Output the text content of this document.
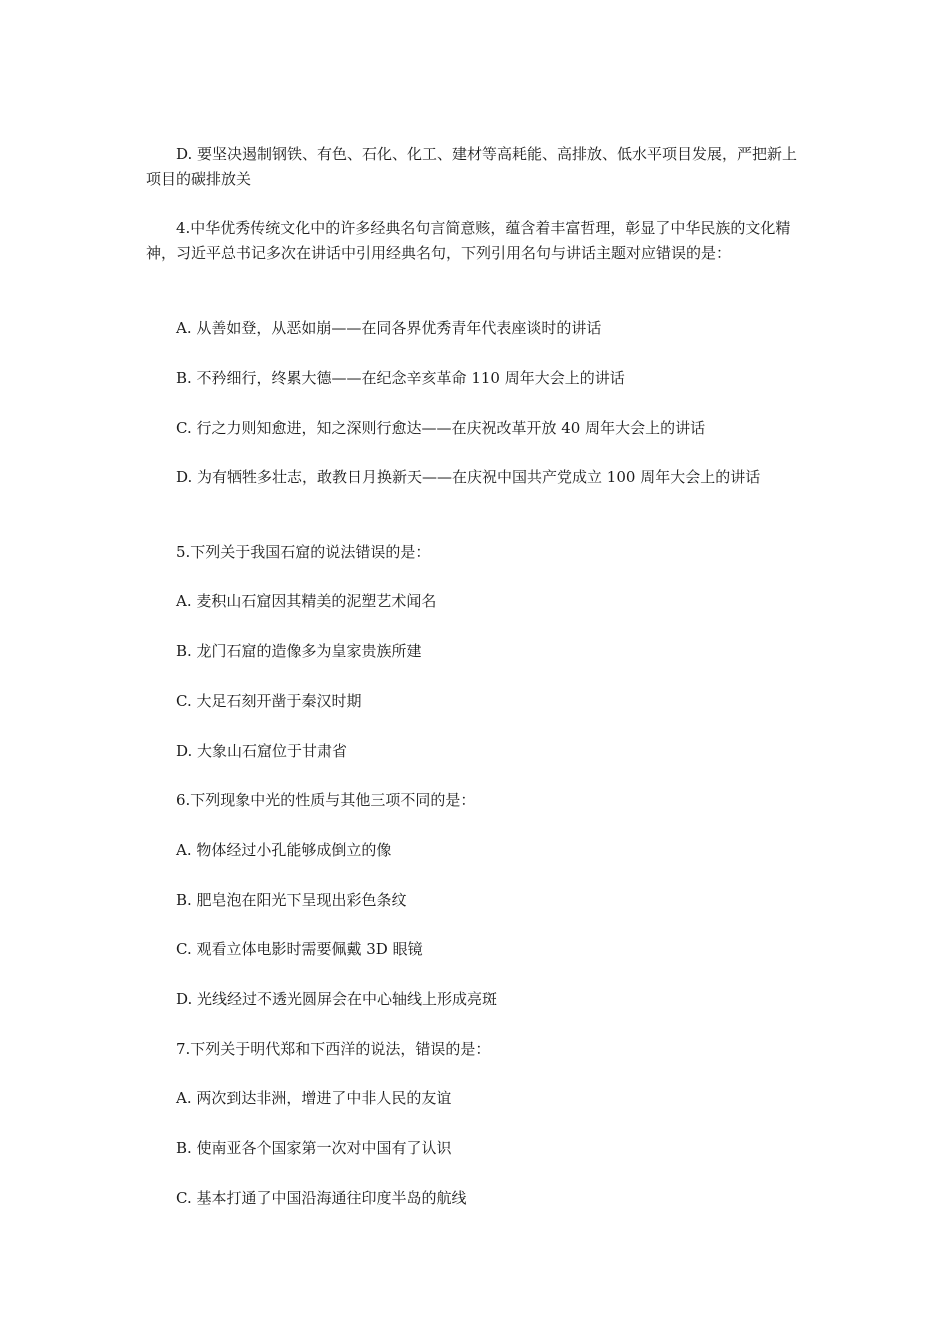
D. 要坚决遏制钢铁、有色、石化、化工、建材等高耗能、高排放、低水平项目发展，严把新上项目的碳排放关

4.中华优秀传统文化中的许多经典名句言简意赅，蕴含着丰富哲理，彰显了中华民族的文化精神，习近平总书记多次在讲话中引用经典名句，下列引用名句与讲话主题对应错误的是：

A. 从善如登，从恶如崩——在同各界优秀青年代表座谈时的讲话

B. 不矜细行，终累大德——在纪念辛亥革命 110 周年大会上的讲话

C. 行之力则知愈进，知之深则行愈达——在庆祝改革开放 40 周年大会上的讲话

D. 为有牺牲多壮志，敢教日月换新天——在庆祝中国共产党成立 100 周年大会上的讲话

5.下列关于我国石窟的说法错误的是：

A. 麦积山石窟因其精美的泥塑艺术闻名

B. 龙门石窟的造像多为皇家贵族所建

C. 大足石刻开凿于秦汉时期

D. 大象山石窟位于甘肃省

6.下列现象中光的性质与其他三项不同的是：

A. 物体经过小孔能够成倒立的像

B. 肥皂泡在阳光下呈现出彩色条纹

C. 观看立体电影时需要佩戴 3D 眼镜

D. 光线经过不透光圆屏会在中心轴线上形成亮斑

7.下列关于明代郑和下西洋的说法，错误的是：

A. 两次到达非洲，增进了中非人民的友谊

B. 使南亚各个国家第一次对中国有了认识

C. 基本打通了中国沿海通往印度半岛的航线
